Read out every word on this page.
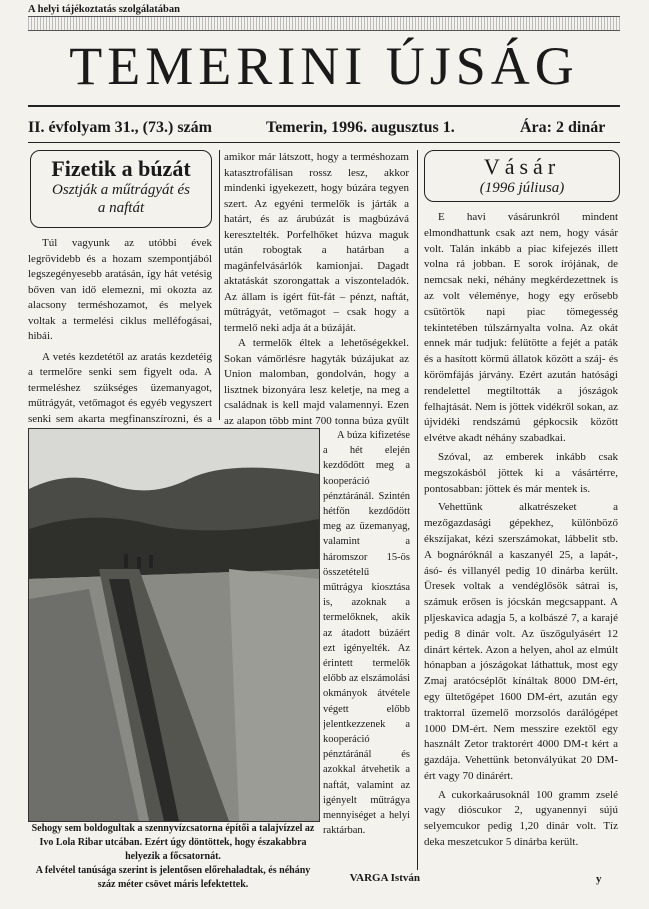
A helyi tájékoztatás szolgálatában
TEMERINI ÚJSÁG
II. évfolyam 31., (73.) szám	Temerin, 1996. augusztus 1.	Ára: 2 dinár
Fizetik a búzát
Osztják a műtrágyát és a naftát

Túl vagyunk az utóbbi évek legrövidebb és a hozam szempontjából legszegényesebb aratásán, így hát vetésig bőven van idő elemezni, mi okozta az alacsony terméshozamot, és melyek voltak a termelési ciklus melléfogásai, hibái.

A vetés kezdetétől az aratás kezdetéig a termelőre senki sem figyelt oda. A termeléshez szükséges üzemanyagot, műtrágyát, vetőmagot és egyéb vegyszert senki sem akarta megfinanszírozni, és a

amikor már látszott, hogy a terméshozam katasztrofálisan rossz lesz, akkor mindenki igyekezett, hogy búzára tegyen szert. Az egyéni termelők is járták a határt, és az árubúzát is magbúzává keresztelték. Porfelhőket húzva maguk után robogtak a határban a magánfelvásárlók kamionjai. Dagadt aktatáskát szorongattak a viszonteladók. Az állam is ígért fűt-fát – pénzt, naftát, műtrágyát, vetőmagot – csak hogy a termelő neki adja át a búzáját.

A termelők éltek a lehetőségekkel. Sokan vámőrlésre hagyták búzájukat az Union malomban, gondolván, hogy a lisztnek bizonyára lesz keletje, na meg a családnak is kell majd valamennyi. Ezen az alapon több mint 700 tonna búza gyűlt

A búza kifizetése a hét elején kezdődött meg a kooperáció pénztáránál. Szintén hétfőn kezdődött meg az üzemanyag, valamint a háromszor 15-ös összetételű műtrágya kiosztása is, azoknak a termelőknek, akik az átadott búzáért ezt igényelték. Az érintett termelők előbb az elszámolási okmányok átvétele végett előbb jelentkezzenek a kooperáció pénztáránál és azokkal átvehetik a naftát, valamint az igényelt műtrágya mennyiséget a helyi raktárban.

VARGA István
Sehogy sem boldogultak a szennyvízcsatorna építői a talajvízzel az Ivo Lola Ribar utcában. Ezért úgy döntöttek, hogy északabbra helyezik a főcsatornát.
A felvétel tanúsága szerint is jelentősen előrehaladtak, és néhány száz méter csövet máris lefektettek.
Vásár
(1996 júliusa)

E havi vásárunkról mindent elmondhattunk csak azt nem, hogy vásár volt. Talán inkább a piac kifejezés illett volna rá jobban. E sorok írójának, de nemcsak neki, néhány megkérdezettnek is az volt véleménye, hogy egy erősebb csütörtök napi piac tömegesség tekintetében túlszárnyalta volna. Az okát ennek már tudjuk: felütötte a fejét a paták és a hasított körmű állatok között a száj- és körömfájás járvány. Ezért azután hatósági rendelettel megtiltották a jószágok felhajtását. Nem is jöttek vidékről sokan, az újvidéki rendszámú gépkocsik között elvétve akadt néhány szabadkai.

Szóval, az emberek inkább csak megszokásból jöttek ki a vásártérre, pontosabban: jöttek és már mentek is.

Vehettünk alkatrészeket a mezőgazdasági gépekhez, különböző ékszíjakat, kézi szerszámokat, lábbelit stb. A bognáróknál a kaszanyél 25, a lapát-, ásó- és villanyél pedig 10 dinárba került. Üresek voltak a vendéglősök sátrai is, számuk erősen is jócskán megcsappant. A pljeskavica adagja 5, a kolbászé 7, a karajé pedig 8 dinár volt. Az üszőgulyásért 12 dinárt kértek. Azon a helyen, ahol az elmúlt hónapban a jószágokat láthattuk, most egy Zmaj aratócséplőt kínáltak 8000 DM-ért, egy ültetőgépet 1600 DM-ért, azután egy traktorral üzemelő morzsolós darálógépet 1000 DM-ért. Nem messzire ezektől egy használt Zetor traktorért 4000 DM-t kért a gazdája. Vehettünk betonvályúkat 20 DM-ért vagy 70 dinárért.

A cukorkaárusoknál 100 gramm zselé vagy dióscukor 2, ugyanennyi sújú selyemcukor pedig 1,20 dinár volt. Tíz deka meszetcukor 5 dinárba került.

y
